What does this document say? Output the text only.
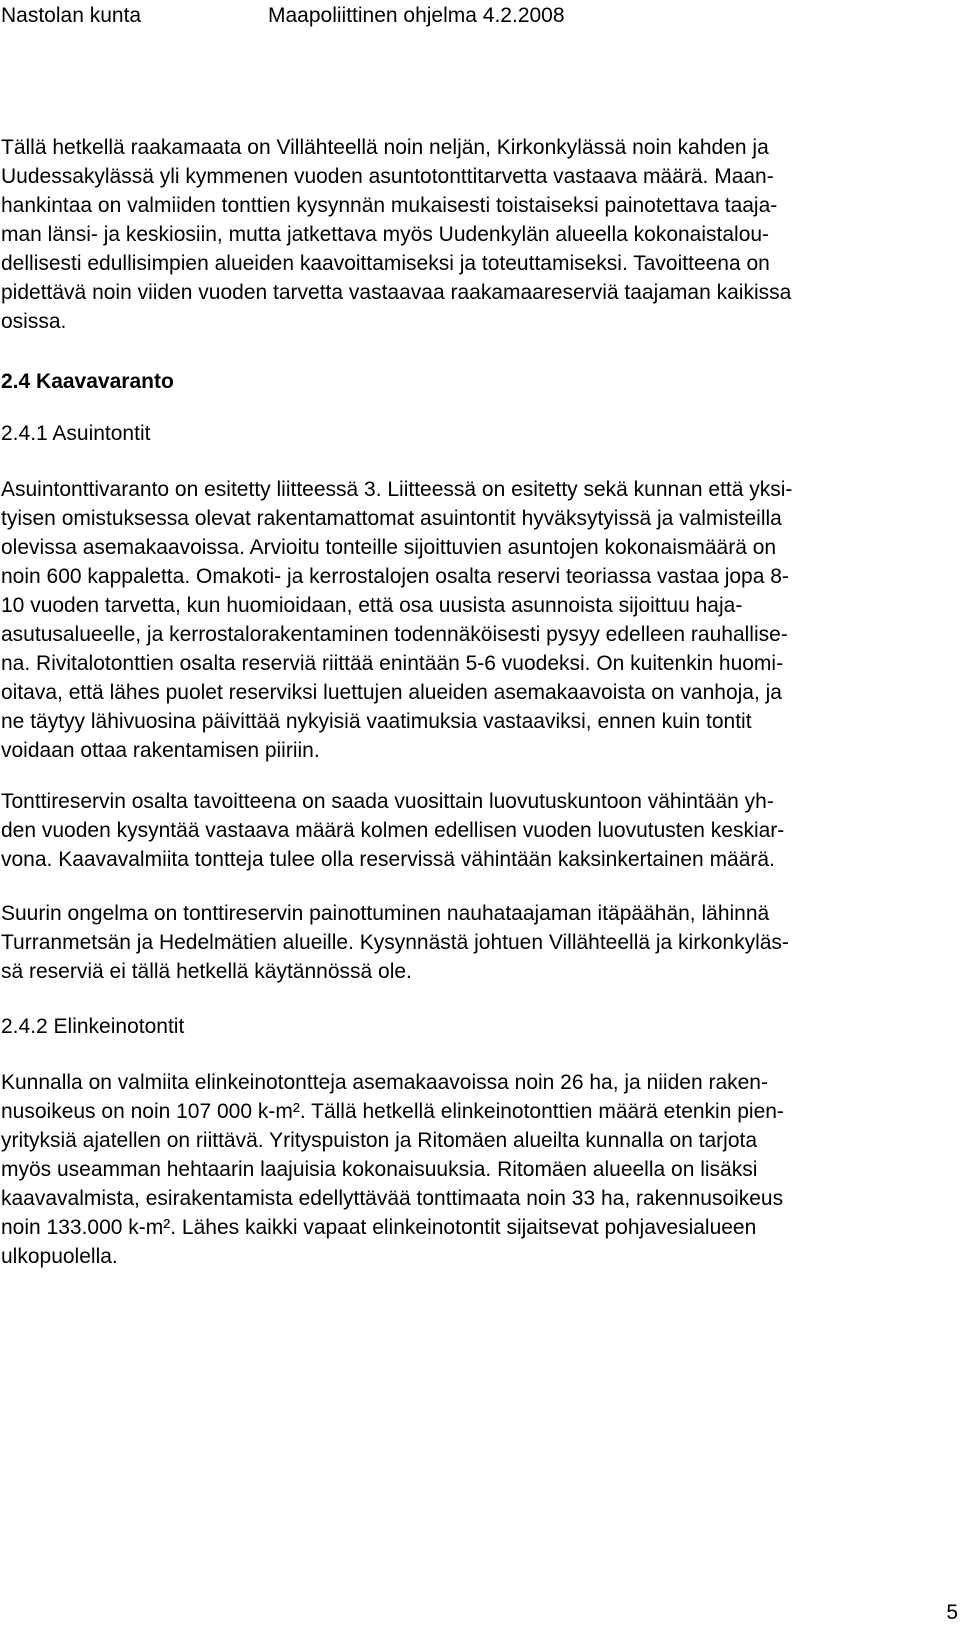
Nastolan kunta	Maapoliittinen ohjelma 4.2.2008

Tällä hetkellä raakamaata on Villähteellä noin neljän, Kirkonkylässä noin kahden ja
Uudessakylässä yli kymmenen vuoden asuntotonttitarvetta vastaava määrä. Maan-
hankintaa on valmiiden tonttien kysynnän mukaisesti toistaiseksi painotettava taaja-
man länsi- ja keskiosiin, mutta jatkettava myös Uudenkylän alueella kokonaistalou-
dellisesti edullisimpien alueiden kaavoittamiseksi ja toteuttamiseksi. Tavoitteena on
pidettävä noin viiden vuoden tarvetta vastaavaa raakamaareserviä taajaman kaikissa
osissa.

2.4 Kaavavaranto
2.4.1 Asuintontit

Asuintonttivaranto on esitetty liitteessä 3. Liitteessä on esitetty sekä kunnan että yksi-
tyisen omistuksessa olevat rakentamattomat asuintontit hyväksytyissä ja valmisteilla
olevissa asemakaavoissa. Arvioitu tonteille sijoittuvien asuntojen kokonaismäärä on
noin 600 kappaletta. Omakoti- ja kerrostalojen osalta reservi teoriassa vastaa jopa 8-
10 vuoden tarvetta, kun huomioidaan, että osa uusista asunnoista sijoittuu haja-
asutusalueelle, ja kerrostalorakentaminen todennäköisesti pysyy edelleen rauhallise-
na. Rivitalotonttien osalta reserviä riittää enintään 5-6 vuodeksi. On kuitenkin huomi-
oitava, että lähes puolet reserviksi luettujen alueiden asemakaavoista on vanhoja, ja
ne täytyy lähivuosina päivittää nykyisiä vaatimuksia vastaaviksi, ennen kuin tontit
voidaan ottaa rakentamisen piiriin.

Tonttireservin osalta tavoitteena on saada vuosittain luovutuskuntoon vähintään yh-
den vuoden kysyntää vastaava määrä kolmen edellisen vuoden luovutusten keskiar-
vona. Kaavavalmiita tontteja tulee olla reservissä vähintään kaksinkertainen määrä.

Suurin ongelma on tonttireservin painottuminen nauhataajaman itäpäähän, lähinnä
Turranmetsän ja Hedelmätien alueille. Kysynnästä johtuen Villähteellä ja kirkonkyläs-
sä reserviä ei tällä hetkellä käytännössä ole.

2.4.2 Elinkeinotontit

Kunnalla on valmiita elinkeinotontteja asemakaavoissa noin 26 ha, ja niiden raken-
nusoikeus on noin 107 000 k-m². Tällä hetkellä elinkeinotonttien määrä etenkin pien-
yrityksiä ajatellen on riittävä. Yrityspuiston ja Ritomäen alueilta kunnalla on tarjota
myös useamman hehtaarin laajuisia kokonaisuuksia. Ritomäen alueella on lisäksi
kaavavalmista, esirakentamista edellyttävää tonttimaata noin 33 ha, rakennusoikeus
noin 133.000 k-m². Lähes kaikki vapaat elinkeinotontit sijaitsevat pohjavesialueen
ulkopuolella.

5
